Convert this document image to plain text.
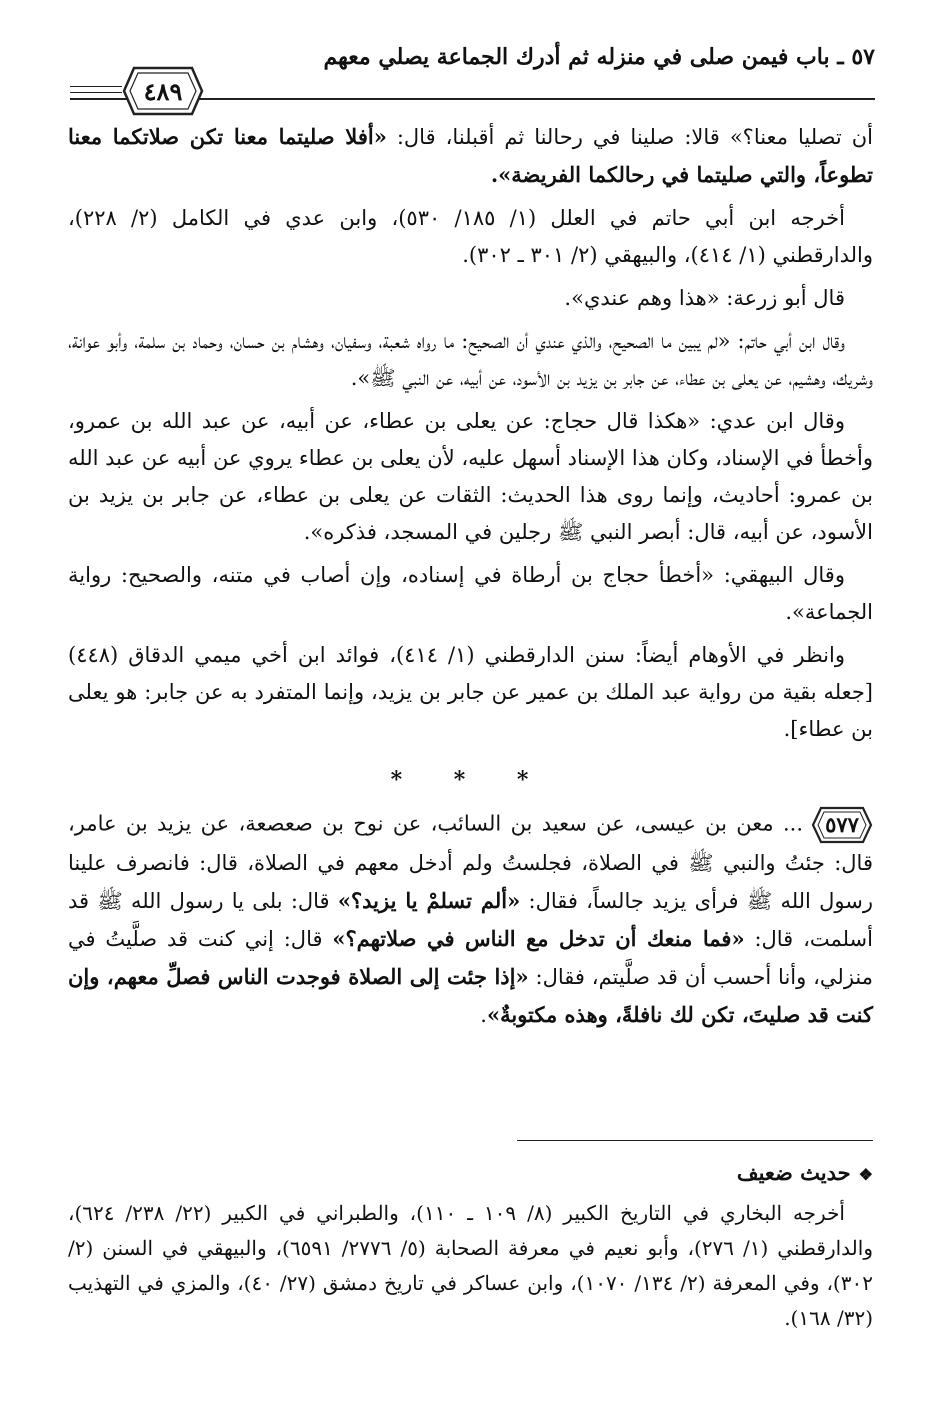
٥٧ ـ باب فيمن صلى في منزله ثم أدرك الجماعة يصلي معهم
٤٨٩

أن تصليا معنا؟» قالا: صلينا في رحالنا ثم أقبلنا، قال: «أفلا صليتما معنا تكن صلاتكما معنا تطوعاً، والتي صليتما في رحالكما الفريضة».

أخرجه ابن أبي حاتم في العلل (١/ ١٨٥/ ٥٣٠)، وابن عدي في الكامل (٢/ ٢٢٨)، والدارقطني (١/ ٤١٤)، والبيهقي (٢/ ٣٠١ ـ ٣٠٢).

قال أبو زرعة: «هذا وهم عندي».

وقال ابن أبي حاتم: «لم يبين ما الصحيح، والذي عندي أن الصحيح: ما رواه شعبة، وسفيان، وهشام بن حسان، وحماد بن سلمة، وأبو عوانة، وشريك، وهشيم، عن يعلى بن عطاء، عن جابر بن يزيد بن الأسود، عن أبيه، عن النبي ﷺ».

وقال ابن عدي: «هكذا قال حجاج: عن يعلى بن عطاء، عن أبيه، عن عبد الله بن عمرو، وأخطأ في الإسناد، وكان هذا الإسناد أسهل عليه، لأن يعلى بن عطاء يروي عن أبيه عن عبد الله بن عمرو: أحاديث، وإنما روى هذا الحديث: الثقات عن يعلى بن عطاء، عن جابر بن يزيد بن الأسود، عن أبيه، قال: أبصر النبي ﷺ رجلين في المسجد، فذكره».

وقال البيهقي: «أخطأ حجاج بن أرطاة في إسناده، وإن أصاب في متنه، والصحيح: رواية الجماعة».

وانظر في الأوهام أيضاً: سنن الدارقطني (١/ ٤١٤)، فوائد ابن أخي ميمي الدقاق (٤٤٨) [جعله بقية من رواية عبد الملك بن عمير عن جابر بن يزيد، وإنما المتفرد به عن جابر: هو يعلى بن عطاء].

* * *

٥٧٧
... معن بن عيسى، عن سعيد بن السائب، عن نوح بن صعصعة، عن يزيد بن عامر، قال: جئتُ والنبي ﷺ في الصلاة، فجلستُ ولم أدخل معهم في الصلاة، قال: فانصرف علينا رسول الله ﷺ فرأى يزيد جالساً، فقال: «ألم تسلمْ يا يزيد؟» قال: بلى يا رسول الله ﷺ قد أسلمت، قال: «فما منعك أن تدخل مع الناس في صلاتهم؟» قال: إني كنت قد صلَّيتُ في منزلي، وأنا أحسب أن قد صلَّيتم، فقال: «إذا جئت إلى الصلاة فوجدت الناس فصلِّ معهم، وإن كنت قد صليتَ، تكن لك نافلةً، وهذه مكتوبةٌ».

❖حديث ضعيف

أخرجه البخاري في التاريخ الكبير (٨/ ١٠٩ ـ ١١٠)، والطبراني في الكبير (٢٢/ ٢٣٨/ ٦٢٤)، والدارقطني (١/ ٢٧٦)، وأبو نعيم في معرفة الصحابة (٥/ ٢٧٧٦/ ٦٥٩١)، والبيهقي في السنن (٢/ ٣٠٢)، وفي المعرفة (٢/ ١٣٤/ ١٠٧٠)، وابن عساكر في تاريخ دمشق (٢٧/ ٤٠)، والمزي في التهذيب (٣٢/ ١٦٨).
